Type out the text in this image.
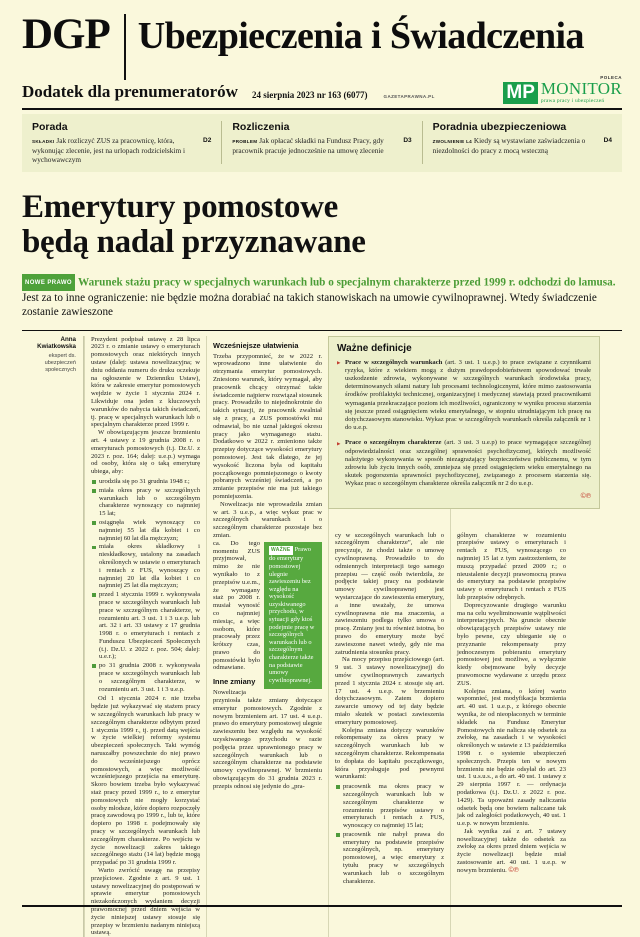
DGP Ubezpieczenia i Świadczenia
Dodatek dla prenumeratorów 24 sierpnia 2023 nr 163 (6077)	GAZETAPRAWNA.PL
POLECA
MP MONITOR
prawa pracy i ubezpieczeń
Porada
D2
SKŁADKI Jak rozliczyć ZUS za pracownicę, która, wykonując zlecenie, jest na urlopach rodzicielskim i wychowawczym
Rozliczenia
D3
PROBLEM Jak opłacać składki na Fundusz Pracy, gdy pracownik pracuje jednocześnie na umowę zlecenie
Poradnia ubezpieczeniowa
D4
ZWOLNIENIE L4 Kiedy są wystawiane zaświadczenia o niezdolności do pracy z mocą wsteczną
Emerytury pomostowe
będą nadal przyznawane
NOWE PRAWO Warunek stażu pracy w specjalnych warunkach lub o specjalnym charakterze przed 1999 r. odchodzi do lamusa. Jest za to inne ograniczenie: nie będzie można dorabiać na takich stanowiskach na umowie cywilnoprawnej. Wtedy świadczenie zostanie zawieszone
Anna Kwiatkowska
ekspert ds. ubezpieczeń społecznych

Prezydent podpisał ustawę z 28 lipca 2023 r. o zmianie ustawy o emeryturach pomostowych oraz niektórych innych ustaw (dalej: ustawa nowelizacyjna; w dniu oddania numeru do druku oczekuje na ogłoszenie w Dzienniku Ustaw), która w zakresie emerytur pomostowych wejdzie w życie 1 stycznia 2024 r. Likwiduje ona jeden z kluczowych warunków do nabycia takich świadczeń, tj. pracę w specjalnych warunkach lub o specjalnym charakterze przed 1999 r.

W obowiązującym jeszcze brzmieniu art. 4 ustawy z 19 grudnia 2008 r. o emeryturach pomostowych (t.j. Dz.U. z 2023 r. poz. 164; dalej: u.e.p.) wymaga od osoby, która się o taką emeryturę ubiega, aby:

urodziła się po 31 grudnia 1948 r.;
miała okres pracy w szczególnych warunkach lub o szczególnym charakterze wynoszący co najmniej 15 lat;
osiągnęła wiek wynoszący co najmniej 55 lat dla kobiet i co najmniej 60 lat dla mężczyzn;
miała okres składkowy i nieskładkowy, ustalony na zasadach określonych w ustawie o emeryturach i rentach z FUS, wynoszący co najmniej 20 lat dla kobiet i co najmniej 25 lat dla mężczyzn;
przed 1 stycznia 1999 r. wykonywała prace w szczególnych warunkach lub prace w szczególnym charakterze, w rozumieniu art. 3 ust. 1 i 3 u.e.p. lub art. 32 i art. 33 ustawy z 17 grudnia 1998 r. o emeryturach i rentach z Funduszu Ubezpieczeń Społecznych (t.j. Dz.U. z 2022 r. poz. 504; dalej: u.e.r.);
po 31 grudnia 2008 r. wykonywała prace w szczególnych warunkach lub o szczególnym charakterze, w rozumieniu art. 3 ust. 1 i 3 u.e.p.

Od 1 stycznia 2024 r. nie trzeba będzie już wykazywać się stażem pracy w szczególnych warunkach lub pracy w szczególnym charakterze odbytym przed 1 stycznia 1999 r., tj. przed datą wejścia w życie wielkiej reformy systemu ubezpieczeń społecznych. Taki wymóg naruszałby powszechnie do niej prawo do wcześniejszego oprócz pomostowych, a więc możliwość wcześniejszego przejścia na emeryturę. Skoro bowiem trzeba było wykazywać staż pracy przed 1999 r., to z emerytur pomostowych nie mogły korzystać osoby młodsze, które dopiero rozpoczęły pracę zawodową po 1999 r., lub te, które dopiero po 1998 r. podejmowały się pracy w szczególnych warunkach lub szczególnym charakterze. Po wejściu w życie nowelizacji zakres takiego szczególnego stażu (14 lat) będzie mogą przypadać po 31 grudnia 1999 r.

Warto zwrócić uwagę na przepisy przejściowe. Zgodnie z art. 9 ust. 1 ustawy nowelizacyjnej do postępowań w sprawie emerytur pomostowych niezakończonych wydaniem decyzji prawomocnej przed dniem wejścia w życie niniejszej ustawy stosuje się przepisy w brzmieniu nadanym niniejszą ustawą.

Wcześniejsze ułatwienia

Trzeba przypomnieć, że w 2022 r. wprowadzono inne ułatwienie do otrzymania emerytur pomostowych. Zniesiono warunek, który wymagał, aby pracownik chcący otrzymać takie świadczenie najpierw rozwiązał stosunek pracy. Prowadziło to niejednokrotnie do takich sytuacji, że pracownik zwalniał się z pracy, a ZUS pomostówki mu odmawiał, bo nie uznał jakiegoś okresu pracy jako wymaganego stażu. Dodatkowo w 2022 r. zmieniono także przepisy dotyczące wysokości emerytury pomostowej. Jest tak dlatego, że jej wysokość liczona była od kapitału początkowego pomniejszonego o kwoty pobranych wcześniej świadczeń, a po zmianie przepisów nie ma już takiego pomniejszenia.

Nowelizacja nie wprowadziła zmian w art. 3 u.e.p., a więc wykaz prac w szczególnych warunkach i o szczególnym charakterze pozostaje bez zmian.

WAŻNE Prawo do emerytury pomostowej ulegnie zawieszeniu bez względu na wysokość uzyskiwanego przychodu, w sytuacji gdy ktoś podejmie pracę w szczególnych warunkach lub o szczególnym charakterze także na podstawie umowy cywilnoprawnej.

ca. Do tego momentu ZUS przyjmował, mimo że nie wynikało to z przepisów u.e.m., że wymagany staż po 2008 r. musiał wynosić co najmniej miesiąc, a więc osobom, które pracowały przez krótszy czas, prawo do pomostówki było odmawiane.

Inne zmiany

Nowelizacja przyniosła także zmiany dotyczące emerytur pomostowych. Zgodnie z nowym brzmieniem art. 17 ust. 4 u.e.p. prawo do emerytury pomostowej ulegnie zawieszeniu bez względu na wysokość uzyskiwanego przychodu w razie podjęcia przez uprawnionego pracy w szczególnych warunkach lub o szczególnym charakterze na podstawie umowy cywilnoprawnej. W brzmieniu obowiązującym do 31 grudnia 2023 r. przepis odnosi się jedynie do „pra-

cy w szczególnych warunkach lub o szczególnym charakterze”, ale nie precyzuje, że chodzi także o umowę cywilnoprawną. Prowadziło to do odmiennych interpretacji tego samego przepisu — część osób twierdziła, że podjęcie takiej pracy na podstawie umowy cywilnoprawnej jest wystarczające do zawieszenia emerytury, a inne uważały, że umowa cywilnoprawna nie ma znaczenia, a zawieszeniu podlega tylko umowa o pracę. Zmiany jest tu również istotna, bo prawo do emerytury może być zawieszone nawet wtedy, gdy nie ma zatrudnienia stosunku pracy.

Na mocy przepisu przejściowego (art. 9 ust. 3 ustawy nowelizacyjnej) do umów cywilnoprawnych zawartych przed 1 stycznia 2024 r. stosuje się art. 17 ust. 4 u.e.p. w brzemieniu dotychczasowym. Zatem dopiero zawarcie umowy od tej daty będzie miało skutek w postaci zawieszenia emerytury pomostowej.

Kolejna zmiana dotyczy warunków rekompensaty za okres pracy w szczególnych warunkach lub w szczególnym charakterze. Rekompensata to dopłata do kapitału początkowego, która przysługuje pod pewnymi warunkami:

pracownik ma okres pracy w szczególnych warunkach lub w szczególnym charakterze w rozumieniu przepisów ustawy o emeryturach i rentach z FUS, wynoszący co najmniej 15 lat;
pracownik nie nabył prawa do emerytury na podstawie przepisów szczególnych, np. emerytury pomostowej, a więc emerytury z tytułu pracy w szczególnych warunkach lub o szczególnym charakterze.

gólnym charakterze w rozumieniu przepisów ustawy o emeryturach i rentach z FUS, wynoszącego co najmniej 15 lat z tym zastrzeżeniem, że muszą przypadać przed 2009 r.; o nieustalenie decyzji prawomocną prawa do emerytury na podstawie przepisów ustawy o emeryturach i rentach z FUS lub przepisów odrębnych.

Doprecyzowanie drugiego warunku ma na celu wyeliminowanie wątpliwości interpretacyjnych. Na gruncie obecnie obowiązujących przepisów ustawy nie było pewne, czy ubieganie się o przyznanie rekompensaty przy jednoczesnym pobieraniu emerytury pomostowej jest możliwe, a wyłącznie kiedy obejmowane były decyzje prawomocne wydawane z urzędu przez ZUS.

Kolejna zmiana, o której warto wspomnieć, jest modyfikacja brzmienia art. 40 ust. 1 u.e.p., z którego obecnie wynika, że od nieopłaconych w terminie składek na Fundusz Emerytur Pomostowych nie nalicza się odsetek za zwłokę, na zasadach i w wysokości określonych w ustawie z 13 października 1998 r. o systemie ubezpieczeń społecznych. Przepis ten w nowym brzmieniu nie będzie odsyłał do art. 23 ust. 1 u.s.u.s., a do art. 40 ust. 1 ustawy z 29 sierpnia 1997 r. — ordynacja podatkowa (t.j. Dz.U. z 2022 r. poz. 1429). Ta upoważni zasady naliczania odsetek będą one bowiem naliczane tak jak od zaległości podatkowych, 40 ust. 1 u.e.p. w nowym brzmieniu.

Jak wynika zaś z art. 7 ustawy nowelizacyjnej także do odsetek za zwłokę za okres przed dniem wejścia w życie nowelizacji będzie miał zastosowanie art. 40 ust. 1 u.e.p. w nowym brzmieniu. ©℗

Ważne definicje
▶ Prace w szczególnych warunkach (art. 3 ust. 1 u.e.p.) to prace związane z czynnikami ryzyka, które z wiekiem mogą z dużym prawdopodobieństwem spowodować trwałe uszkodzenie zdrowia, wykonywane w szczególnych warunkach środowiska pracy, determinowanych siłami natury lub procesami technologicznymi, które mimo zastosowania środków profilaktyki technicznej, organizacyjnej i medycznej stawiają przed pracownikami wymagania przekraczające poziom ich możliwości, ograniczony w wyniku procesu starzenia się jeszcze przed osiągnięciem wieku emerytalnego, w stopniu utrudniającym ich pracę na dotychczasowym stanowisku. Wykaz prac w szczególnych warunkach określa załącznik nr 1 do u.e.p.
▶ Prace o szczególnym charakterze (art. 3 ust. 3 u.e.p) to prace wymagające szczególnej odpowiedzialności oraz szczególnej sprawności psychofizycznej, których możliwość należytego wykonywania w sposób niezagrażający bezpieczeństwu publicznemu, w tym zdrowiu lub życiu innych osób, zmniejsza się przed osiągnięciem wieku emerytalnego na skutek pogorszenia sprawności psychofizycznej, związanego z procesem starzenia się. Wykaz prac o szczególnym charakterze określa załącznik nr 2 do u.e.p.
©℗
